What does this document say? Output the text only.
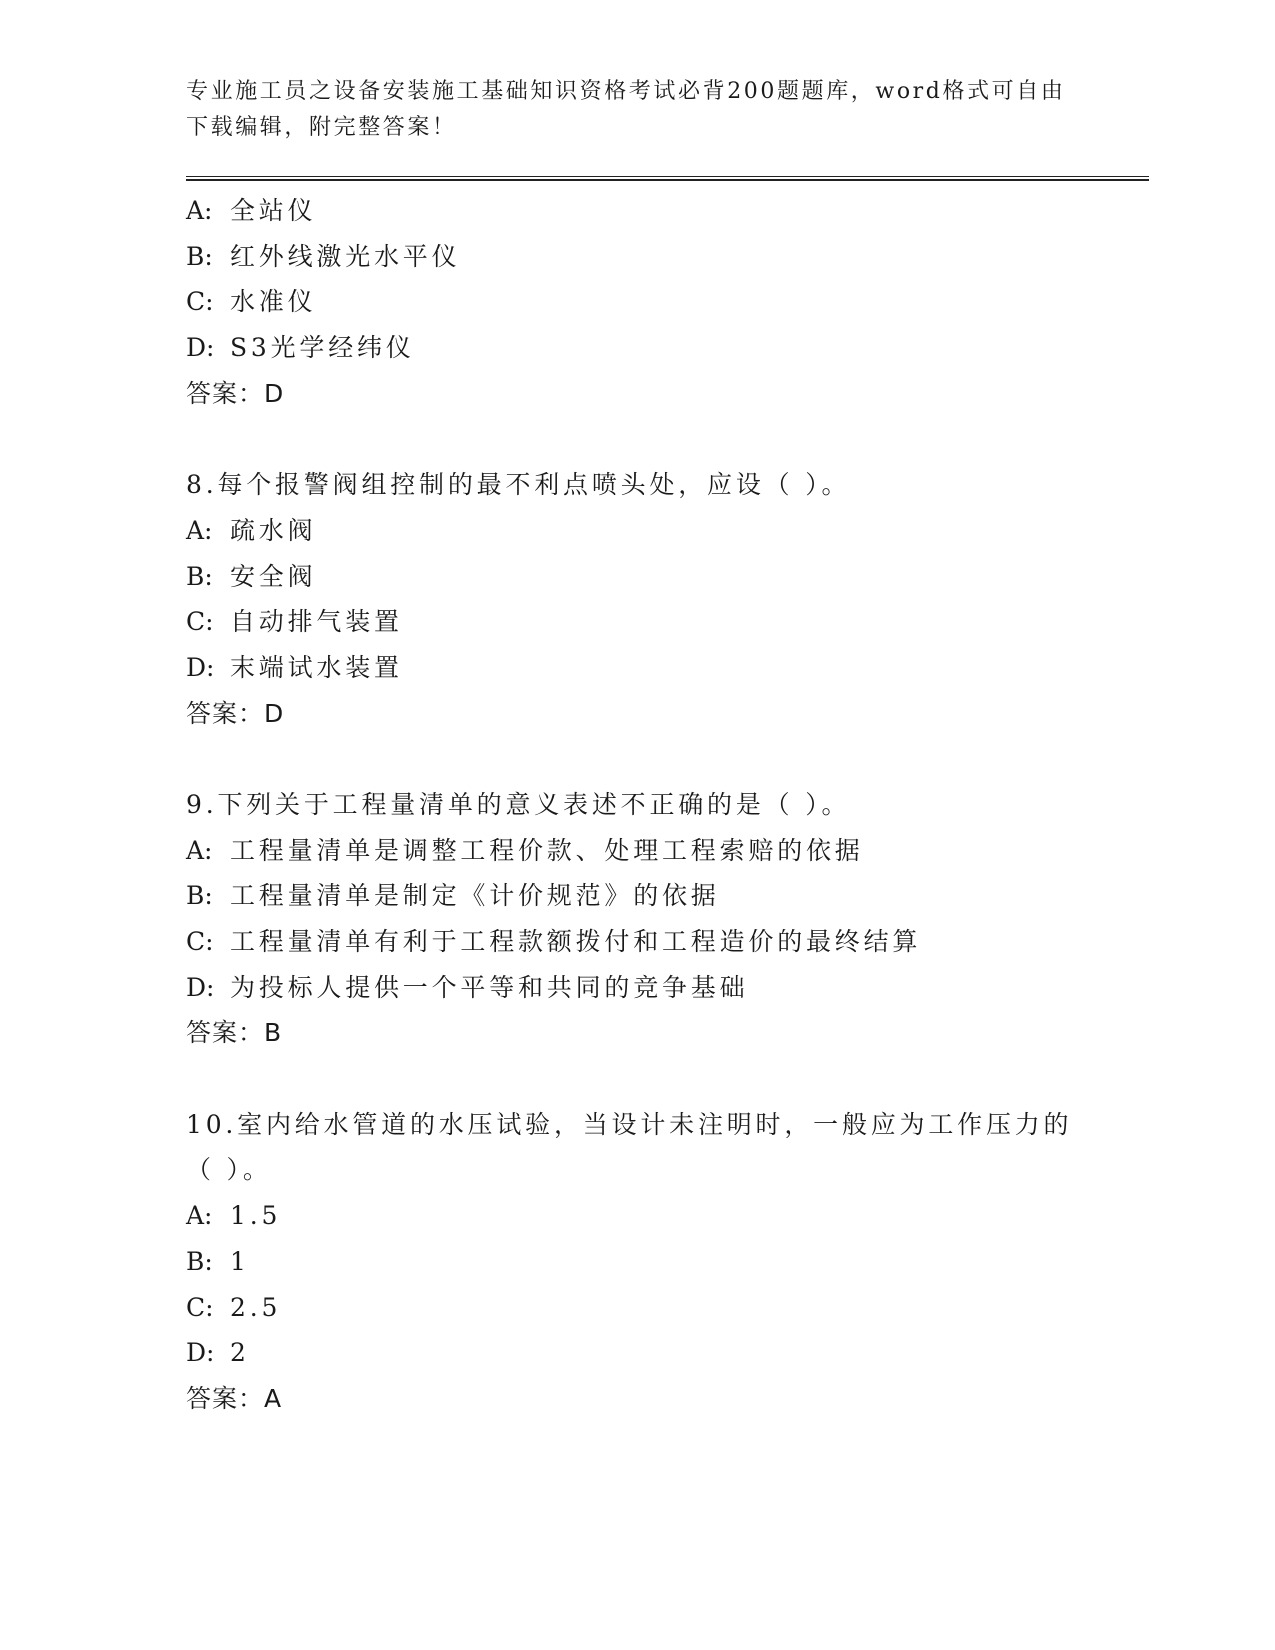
专业施工员之设备安装施工基础知识资格考试必背200题题库，word格式可自由下载编辑，附完整答案！
A: 全站仪
B: 红外线激光水平仪
C: 水准仪
D: S3光学经纬仪
答案：D
8.每个报警阀组控制的最不利点喷头处，应设（ ）。
A: 疏水阀
B: 安全阀
C: 自动排气装置
D: 末端试水装置
答案：D
9.下列关于工程量清单的意义表述不正确的是（ ）。
A: 工程量清单是调整工程价款、处理工程索赔的依据
B: 工程量清单是制定《计价规范》的依据
C: 工程量清单有利于工程款额拨付和工程造价的最终结算
D: 为投标人提供一个平等和共同的竞争基础
答案：B
10.室内给水管道的水压试验，当设计未注明时，一般应为工作压力的（ ）。
A: 1.5
B: 1
C: 2.5
D: 2
答案：A
